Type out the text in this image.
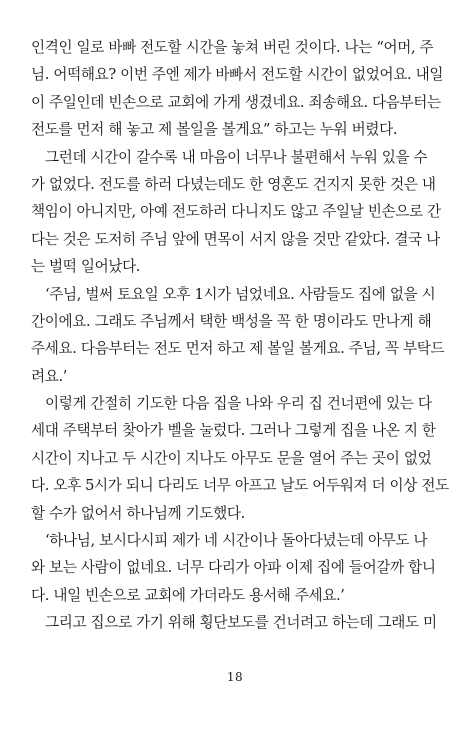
인격인 일로 바빠 전도할 시간을 놓쳐 버린 것이다. 나는 “어머, 주
님. 어떡해요? 이번 주엔 제가 바빠서 전도할 시간이 없었어요. 내일
이 주일인데 빈손으로 교회에 가게 생겼네요. 죄송해요. 다음부터는
전도를 먼저 해 놓고 제 볼일을 볼게요” 하고는 누워 버렸다.
그런데 시간이 갈수록 내 마음이 너무나 불편해서 누워 있을 수
가 없었다. 전도를 하러 다녔는데도 한 영혼도 건지지 못한 것은 내
책임이 아니지만, 아예 전도하러 다니지도 않고 주일날 빈손으로 간
다는 것은 도저히 주님 앞에 면목이 서지 않을 것만 같았다. 결국 나
는 벌떡 일어났다.
‘주님, 벌써 토요일 오후 1시가 넘었네요. 사람들도 집에 없을 시
간이에요. 그래도 주님께서 택한 백성을 꼭 한 명이라도 만나게 해
주세요. 다음부터는 전도 먼저 하고 제 볼일 볼게요. 주님, 꼭 부탁드
려요.’
이렇게 간절히 기도한 다음 집을 나와 우리 집 건너편에 있는 다
세대 주택부터 찾아가 벨을 눌렀다. 그러나 그렇게 집을 나온 지 한
시간이 지나고 두 시간이 지나도 아무도 문을 열어 주는 곳이 없었
다. 오후 5시가 되니 다리도 너무 아프고 날도 어두워져 더 이상 전도
할 수가 없어서 하나님께 기도했다.
‘하나님, 보시다시피 제가 네 시간이나 돌아다녔는데 아무도 나
와 보는 사람이 없네요. 너무 다리가 아파 이제 집에 들어갈까 합니
다. 내일 빈손으로 교회에 가더라도 용서해 주세요.’
그리고 집으로 가기 위해 횡단보도를 건너려고 하는데 그래도 미
18
